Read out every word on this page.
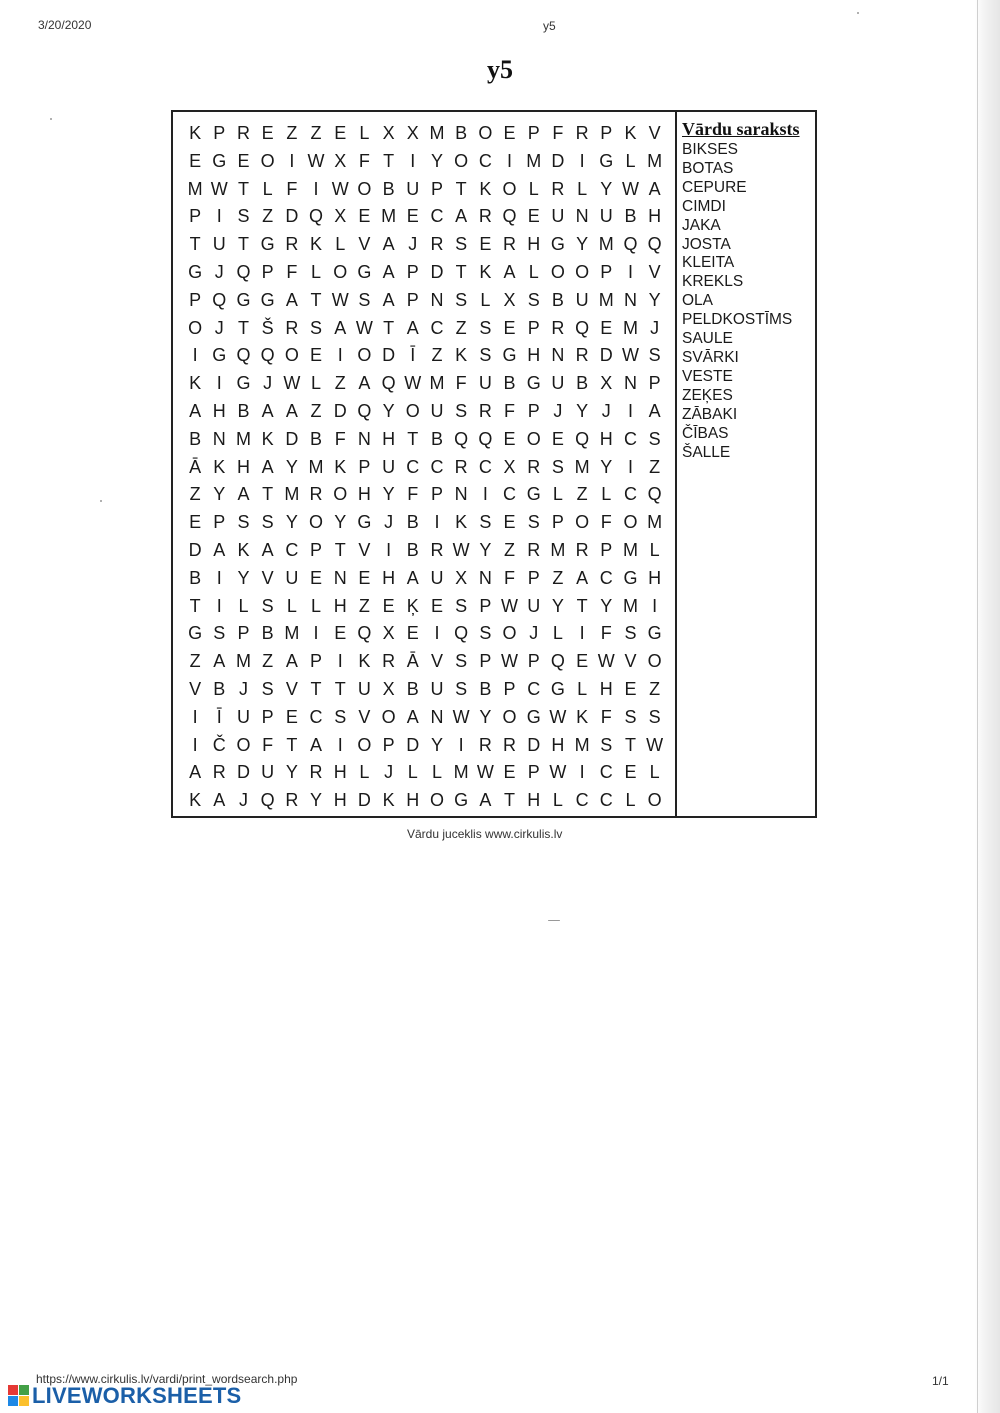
3/20/2020	y5
y5
K P R E Z Z E L X X M B O E P F R P K V
E G E O I W X F T I Y O C I M D I G L M
M W T L F I W O B U P T K O L R L Y W A
P I S Z D Q X E M E C A R Q E U N U B H
T U T G R K L V A J R S E R H G Y M Q Q
G J Q P F L O G A P D T K A L O O P I V
P Q G G A T W S A P N S L X S B U M N Y
O J T Š R S A W T A C Z S E P R Q E M J
I G Q Q O E I O D Ī Z K S G H N R D W S
K I G J W L Z A Q W M F U B G U B X N P
A H B A A Z D Q Y O U S R F P J Y J I A
B N M K D B F N H T B Q Q E O E Q H C S
Ā K H A Y M K P U C C R C X R S M Y I Z
Z Y A T M R O H Y F P N I C G L Z L C Q
E P S S Y O Y G J B I K S E S P O F O M
D A K A C P T V I B R W Y Z R M R P M L
B I Y V U E N E H A U X N F P Z A C G H
T I L S L L H Z E Ķ E S P W U Y T Y M I
G S P B M I E Q X E I Q S O J L I F S G
Z A M Z A P I K R Ā V S P W P Q E W V O
V B J S V T T U X B U S B P C G L H E Z
I	Ī U P E C S V O A N W Y O G W K F S S
I Č O F T A I O P D Y I R R D H M S T W
A R D U Y R H L J L L M W E P W I C E L
K A J Q R Y H D K H O G A T H L C C L O
Vārdu saraksts
BIKSES
BOTAS
CEPURE
CIMDI
JAKA
JOSTA
KLEITA
KREKLS
OLA
PELDKOSTĪMS
SAULE
SVĀRKI
VESTE
ZEĶES
ZĀBAKI
ČĪBAS
ŠALLE
Vārdu juceklis www.cirkulis.lv
https://www.cirkulis.lv/vardi/print_wordsearch.php	1/1
LIVEWORKSHEETS
